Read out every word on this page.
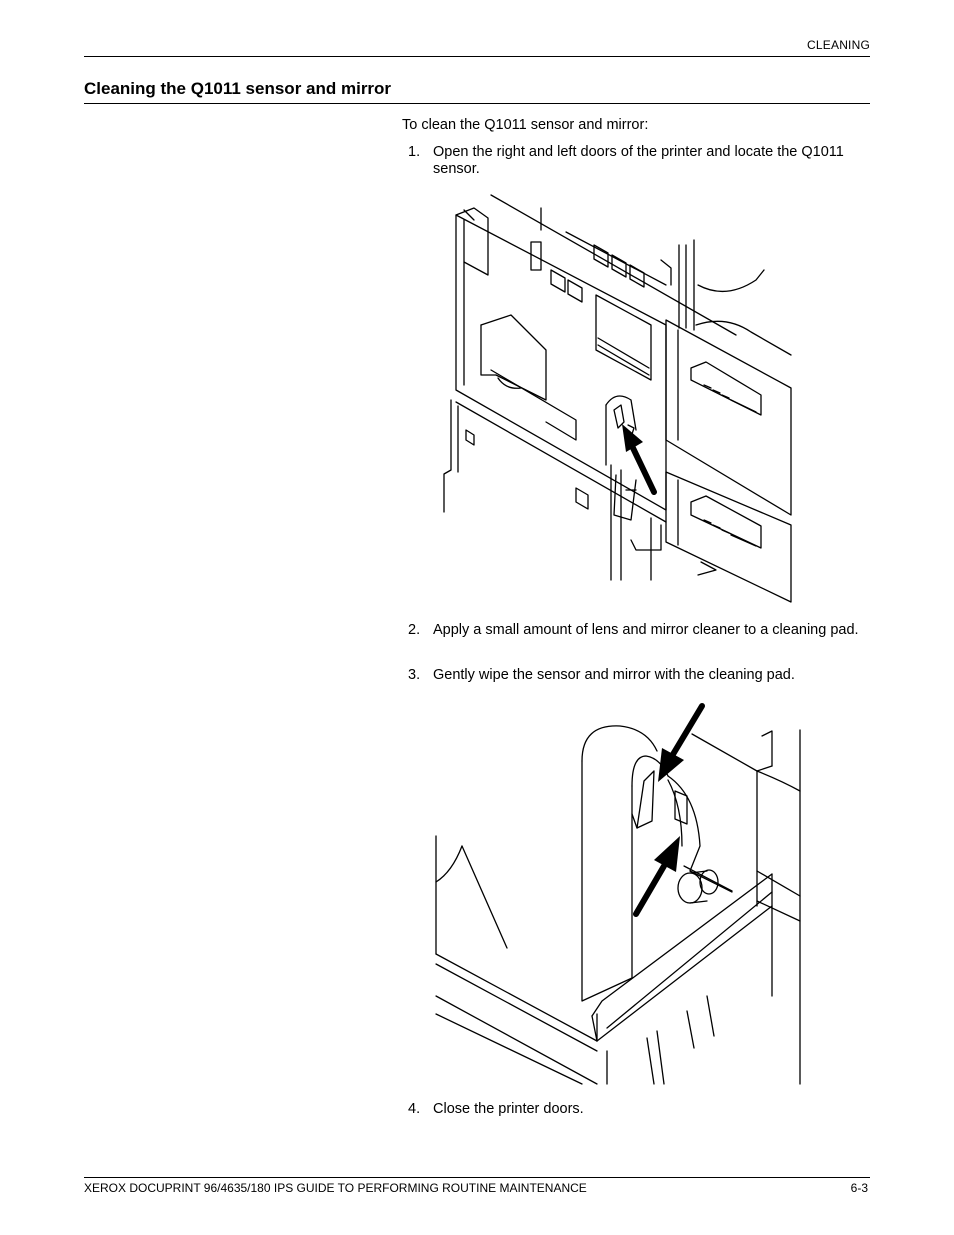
CLEANING
Cleaning the Q1011 sensor and mirror
To clean the Q1011 sensor and mirror:
1. Open the right and left doors of the printer and locate the Q1011 sensor.
2. Apply a small amount of lens and mirror cleaner to a cleaning pad.
3. Gently wipe the sensor and mirror with the cleaning pad.
4. Close the printer doors.
XEROX DOCUPRINT 96/4635/180 IPS GUIDE TO PERFORMING ROUTINE MAINTENANCE	6-3
